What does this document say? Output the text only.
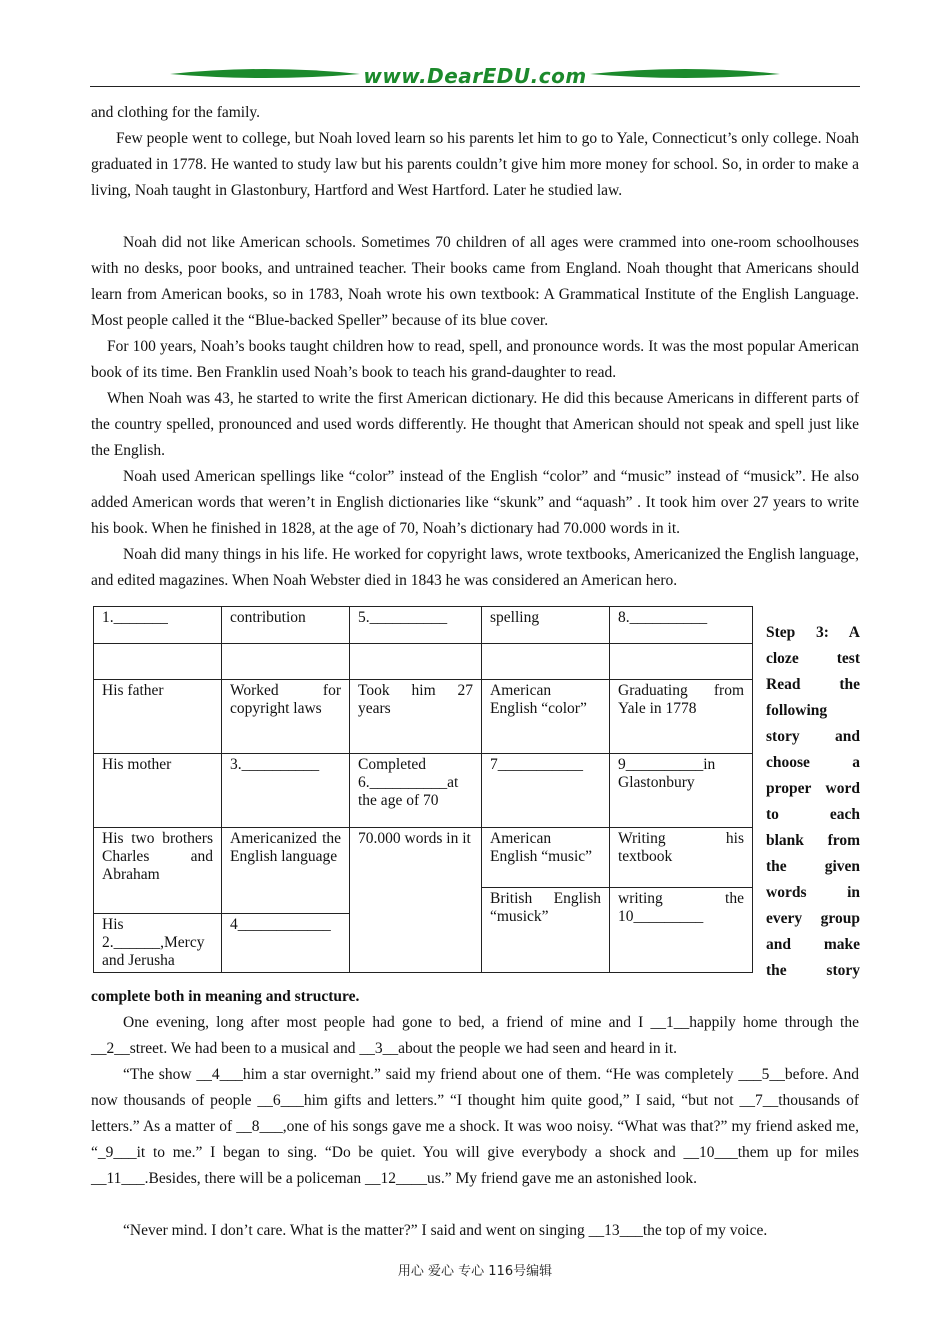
www.DearEDU.com

and clothing for the family.

Few people went to college, but Noah loved learn so his parents let him to go to Yale, Connecticut’s only college. Noah graduated in 1778. He wanted to study law but his parents couldn’t give him more money for school. So, in order to make a living, Noah taught in Glastonbury, Hartford and West Hartford. Later he studied law.

Noah did not like American schools. Sometimes 70 children of all ages were crammed into one-room schoolhouses with no desks, poor books, and untrained teacher. Their books came from England. Noah thought that Americans should learn from American books, so in 1783, Noah wrote his own textbook: A Grammatical Institute of the English Language. Most people called it the “Blue-backed Speller” because of its blue cover.

For 100 years, Noah’s books taught children how to read, spell, and pronounce words. It was the most popular American book of its time. Ben Franklin used Noah’s book to teach his grand-daughter to read.

When Noah was 43, he started to write the first American dictionary. He did this because Americans in different parts of the country spelled, pronounced and used words differently. He thought that American should not speak and spell just like the English.

Noah used American spellings like “color” instead of the English “color” and “music” instead of “musick”. He also added American words that weren’t in English dictionaries like “skunk” and “aquash” . It took him over 27 years to write his book. When he finished in 1828, at the age of 70, Noah’s dictionary had 70.000 words in it.

Noah did many things in his life. He worked for copyright laws, wrote textbooks, Americanized the English language, and edited magazines. When Noah Webster died in 1843 he was considered an American hero.

1._______	contribution	5.__________	spelling	8.__________

His father	Worked for copyright laws	Took him 27 years	American English “color”	Graduating from Yale in 1778
His mother	3.__________	Completed 6.__________at the age of 70	7___________	9__________in Glastonbury
His two brothers Charles and Abraham	Americanized the English language	70.000 words in it	American English “music”	Writing his textbook
			British English “musick”	writing the 10_________
His 2.______,Mercy and Jerusha	4____________			
Step 3: A
cloze test
Read the
following
story and
choose a
proper word
to each
blank from
the given
words in
every group
and make
the story

complete both in meaning and structure.

One evening, long after most people had gone to bed, a friend of mine and I __1__happily home through the __2__street. We had been to a musical and __3__about the people we had seen and heard in it.

“The show __4___him a star overnight.” said my friend about one of them. “He was completely ___5__before. And now thousands of people __6___him gifts and letters.” “I thought him quite good,” I said, “but not __7__thousands of letters.” As a matter of __8___,one of his songs gave me a shock. It was woo noisy. “What was that?” my friend asked me, “_9___it to me.” I began to sing. “Do be quiet. You will give everybody a shock and __10___them up for miles __11___.Besides, there will be a policeman __12____us.” My friend gave me an astonished look.

“Never mind. I don’t care. What is the matter?” I said and went on singing __13___the top of my voice.

用心 爱心 专心 116号编辑
